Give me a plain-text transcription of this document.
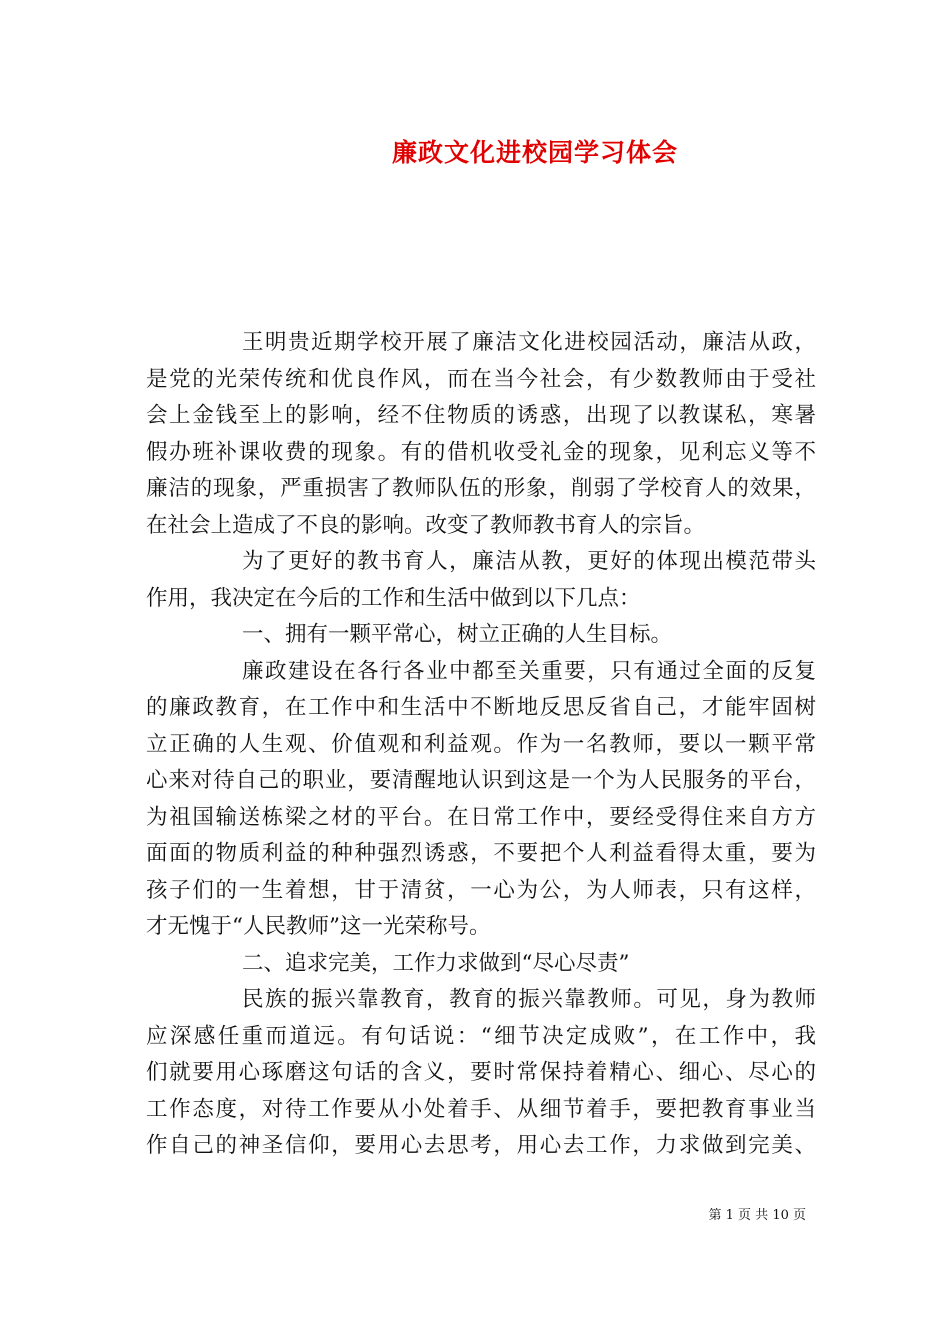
廉政文化进校园学习体会
王明贵近期学校开展了廉洁文化进校园活动，廉洁从政，
是党的光荣传统和优良作风，而在当今社会，有少数教师由于受社
会上金钱至上的影响，经不住物质的诱惑，出现了以教谋私，寒暑
假办班补课收费的现象。有的借机收受礼金的现象，见利忘义等不
廉洁的现象，严重损害了教师队伍的形象，削弱了学校育人的效果，
在社会上造成了不良的影响。改变了教师教书育人的宗旨。
为了更好的教书育人，廉洁从教，更好的体现出模范带头
作用，我决定在今后的工作和生活中做到以下几点：
一、拥有一颗平常心，树立正确的人生目标。
廉政建设在各行各业中都至关重要，只有通过全面的反复
的廉政教育，在工作中和生活中不断地反思反省自己，才能牢固树
立正确的人生观、价值观和利益观。作为一名教师，要以一颗平常
心来对待自己的职业，要清醒地认识到这是一个为人民服务的平台，
为祖国输送栋梁之材的平台。在日常工作中，要经受得住来自方方
面面的物质利益的种种强烈诱惑，不要把个人利益看得太重，要为
孩子们的一生着想，甘于清贫，一心为公，为人师表，只有这样，
才无愧于“人民教师”这一光荣称号。
二、追求完美，工作力求做到“尽心尽责”
民族的振兴靠教育，教育的振兴靠教师。可见，身为教师
应深感任重而道远。有句话说：“细节决定成败”，在工作中，我
们就要用心琢磨这句话的含义，要时常保持着精心、细心、尽心的
工作态度，对待工作要从小处着手、从细节着手，要把教育事业当
作自己的神圣信仰，要用心去思考，用心去工作，力求做到完美、
第 1 页 共 10 页
